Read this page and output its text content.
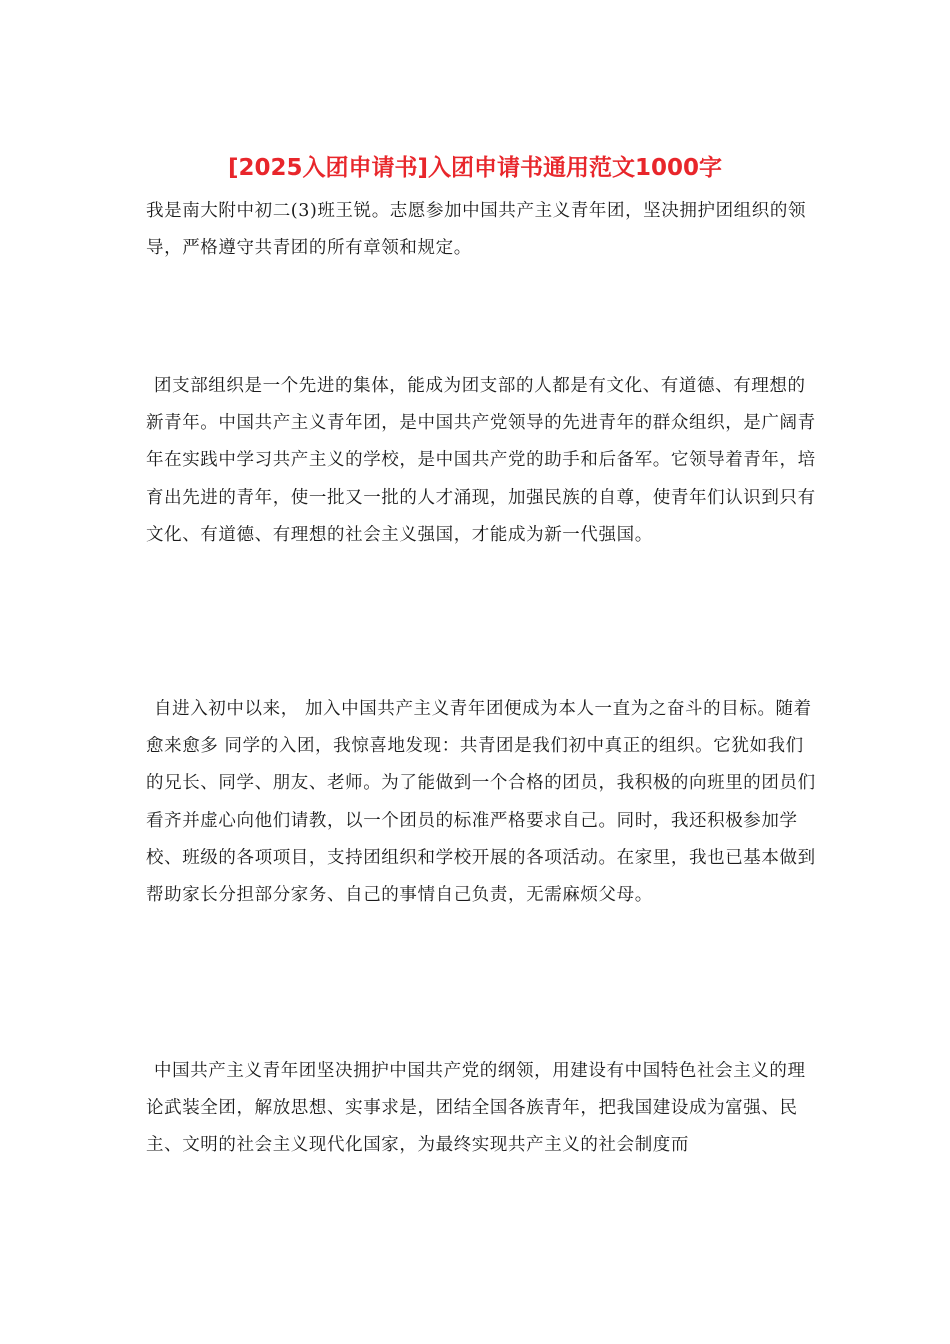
[2025入团申请书]入团申请书通用范文1000字

我是南大附中初二(3)班王锐。志愿参加中国共产主义青年团，坚决拥护团组织的领导，严格遵守共青团的所有章领和规定。

团支部组织是一个先进的集体，能成为团支部的人都是有文化、有道德、有理想的新青年。中国共产主义青年团，是中国共产党领导的先进青年的群众组织，是广阔青年在实践中学习共产主义的学校，是中国共产党的助手和后备军。它领导着青年，培育出先进的青年，使一批又一批的人才涌现，加强民族的自尊，使青年们认识到只有文化、有道德、有理想的社会主义强国，才能成为新一代强国。

自进入初中以来， 加入中国共产主义青年团便成为本人一直为之奋斗的目标。随着愈来愈多 同学的入团，我惊喜地发现：共青团是我们初中真正的组织。它犹如我们的兄长、同学、朋友、老师。为了能做到一个合格的团员，我积极的向班里的团员们看齐并虚心向他们请教，以一个团员的标准严格要求自己。同时，我还积极参加学校、班级的各项项目，支持团组织和学校开展的各项活动。在家里，我也已基本做到帮助家长分担部分家务、自己的事情自己负责，无需麻烦父母。

中国共产主义青年团坚决拥护中国共产党的纲领，用建设有中国特色社会主义的理论武装全团，解放思想、实事求是，团结全国各族青年，把我国建设成为富强、民主、文明的社会主义现代化国家，为最终实现共产主义的社会制度而
